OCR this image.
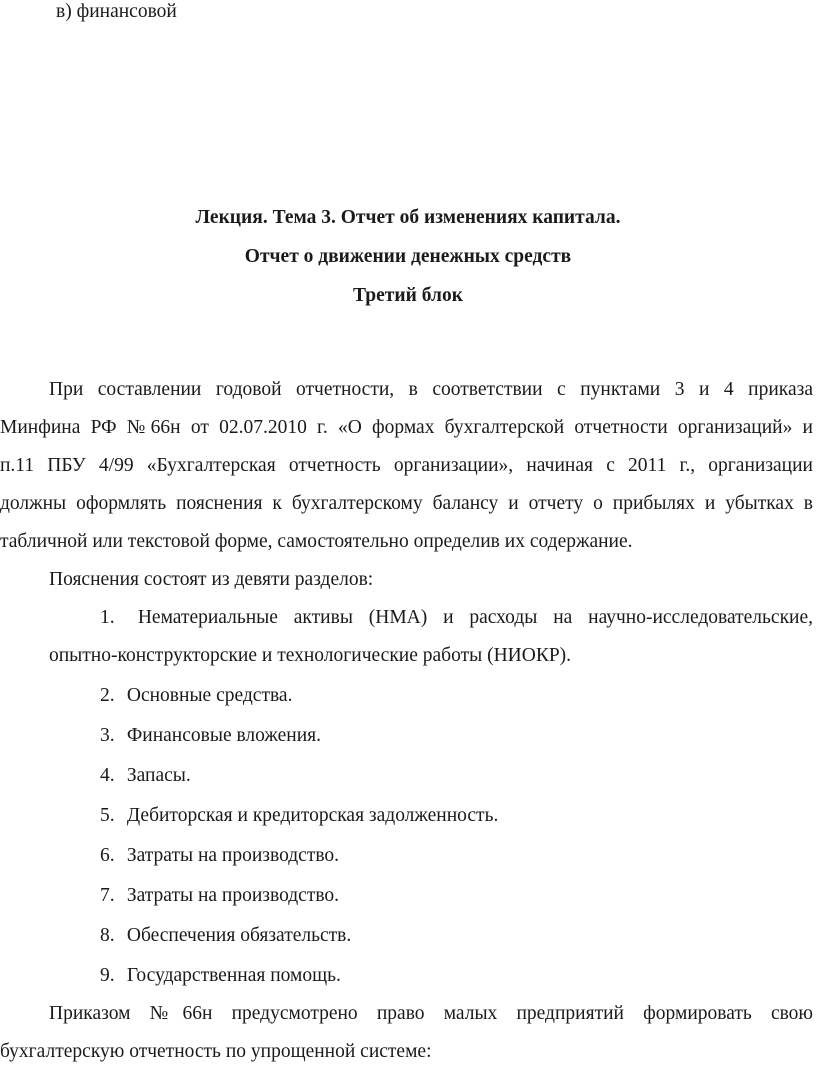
в) финансовой
Лекция. Тема 3. Отчет об изменениях капитала.
Отчет о движении денежных средств
Третий блок
При составлении годовой отчетности, в соответствии с пунктами 3 и 4 приказа
Минфина РФ №66н от 02.07.2010 г. «О формах бухгалтерской отчетности организаций» и
п.11 ПБУ 4/99 «Бухгалтерская отчетность организации», начиная с 2011 г., организации
должны оформлять пояснения к бухгалтерскому балансу и отчету о прибылях и убытках в
табличной или текстовой форме, самостоятельно определив их содержание.
Пояснения состоят из девяти разделов:
1. Нематериальные активы (НМА) и расходы на научно-исследовательские,
опытно-конструкторские и технологические работы (НИОКР).
2. Основные средства.
3. Финансовые вложения.
4. Запасы.
5. Дебиторская и кредиторская задолженность.
6. Затраты на производство.
7. Затраты на производство.
8. Обеспечения обязательств.
9. Государственная помощь.
Приказом №66н предусмотрено право малых предприятий формировать свою
бухгалтерскую отчетность по упрощенной системе:
